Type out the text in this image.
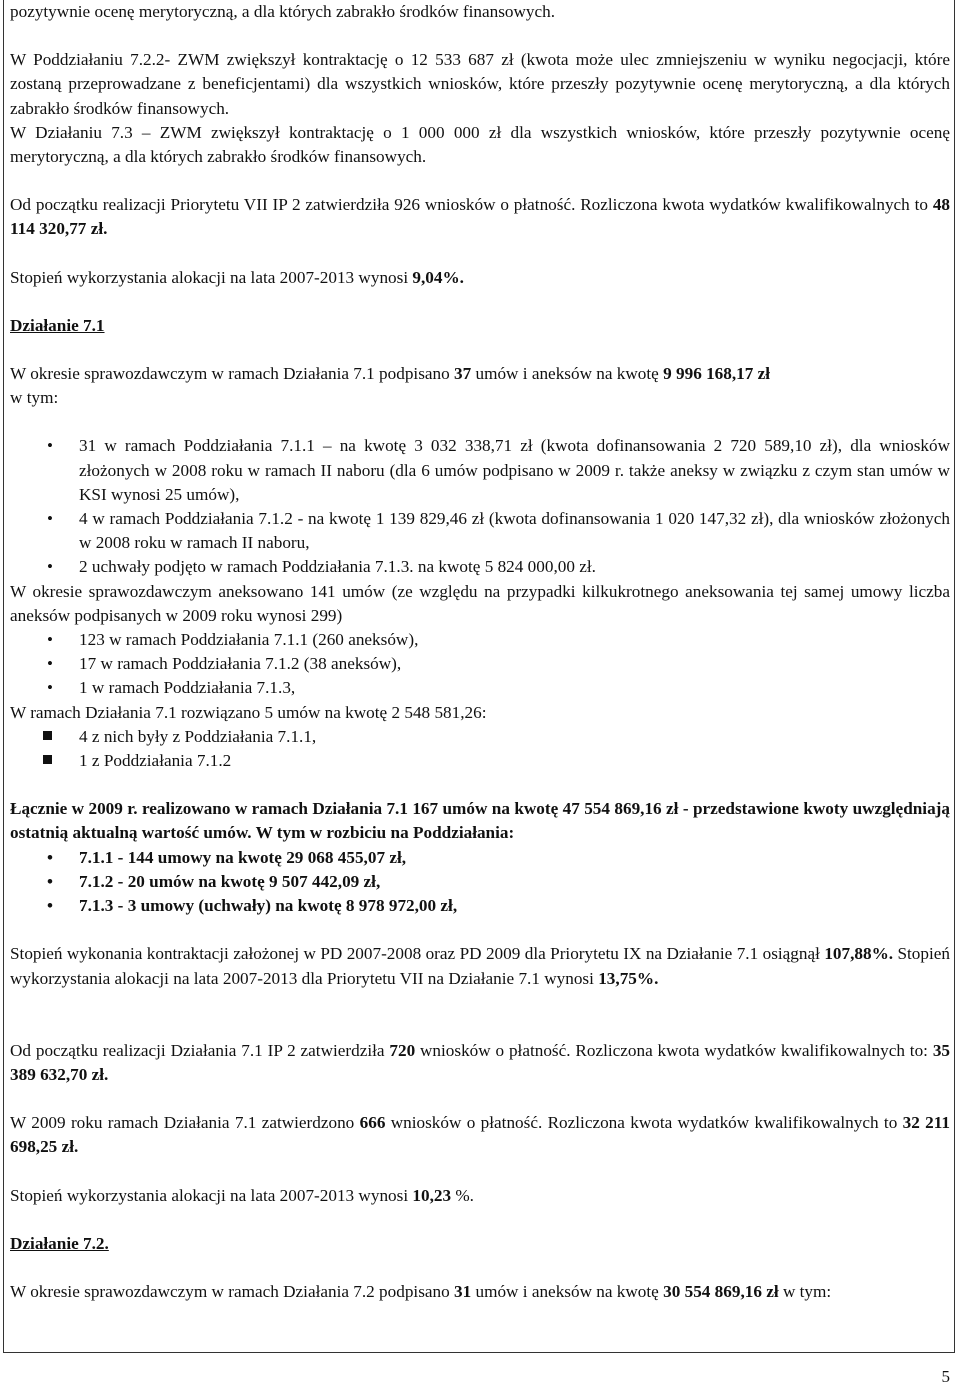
pozytywnie ocenę merytoryczną, a dla których zabrakło środków finansowych.

W Poddziałaniu 7.2.2- ZWM zwiększył kontraktację o 12 533 687 zł (kwota może ulec zmniejszeniu w wyniku negocjacji, które zostaną przeprowadzane z beneficjentami) dla wszystkich wniosków, które przeszły pozytywnie ocenę merytoryczną, a dla których zabrakło środków finansowych.

W Działaniu 7.3 – ZWM zwiększył kontraktację o 1 000 000 zł dla wszystkich wniosków, które przeszły pozytywnie ocenę merytoryczną, a dla których zabrakło środków finansowych.

Od początku realizacji Priorytetu VII IP 2 zatwierdziła 926 wniosków o płatność. Rozliczona kwota wydatków kwalifikowalnych to 48 114 320,77 zł.

Stopień wykorzystania alokacji na lata 2007-2013 wynosi 9,04%.

Działanie 7.1

W okresie sprawozdawczym w ramach Działania 7.1 podpisano 37 umów i aneksów na kwotę 9 996 168,17 zł
w tym:

•	31 w ramach Poddziałania 7.1.1 – na kwotę 3 032 338,71 zł (kwota dofinansowania 2 720 589,10 zł), dla wniosków złożonych w 2008 roku w ramach II naboru (dla 6 umów podpisano w 2009 r. także aneksy w związku z czym stan umów w KSI wynosi 25 umów),
•	4 w ramach Poddziałania 7.1.2 - na kwotę 1 139 829,46 zł (kwota dofinansowania 1 020 147,32 zł), dla wniosków złożonych w 2008 roku w ramach II naboru,
•	2 uchwały podjęto w ramach Poddziałania 7.1.3. na kwotę 5 824 000,00 zł.

W okresie sprawozdawczym aneksowano 141 umów (ze względu na przypadki kilkukrotnego aneksowania tej samej umowy liczba aneksów podpisanych w 2009 roku wynosi 299)

•	123 w ramach Poddziałania 7.1.1 (260 aneksów),
•	17 w ramach Poddziałania 7.1.2 (38 aneksów),
•	1 w ramach Poddziałania 7.1.3,

W ramach Działania 7.1 rozwiązano 5 umów na kwotę 2 548 581,26:

4 z nich były z Poddziałania 7.1.1,
1 z Poddziałania 7.1.2

Łącznie w 2009 r. realizowano w ramach Działania 7.1 167 umów na kwotę 47 554 869,16 zł - przedstawione kwoty uwzględniają ostatnią aktualną wartość umów. W tym w rozbiciu na Poddziałania:

•	7.1.1 - 144 umowy na kwotę 29 068 455,07 zł,
•	7.1.2 - 20 umów na kwotę 9 507 442,09 zł,
•	7.1.3 - 3 umowy (uchwały) na kwotę 8 978 972,00 zł,

Stopień wykonania kontraktacji założonej w PD 2007-2008 oraz PD 2009 dla Priorytetu IX na Działanie 7.1 osiągnął 107,88%. Stopień wykorzystania alokacji na lata 2007-2013 dla Priorytetu VII na Działanie 7.1 wynosi 13,75%.

Od początku realizacji Działania 7.1 IP 2 zatwierdziła 720 wniosków o płatność. Rozliczona kwota wydatków kwalifikowalnych to: 35 389 632,70 zł.

W 2009 roku ramach Działania 7.1 zatwierdzono 666 wniosków o płatność. Rozliczona kwota wydatków kwalifikowalnych to 32 211 698,25 zł.

Stopień wykorzystania alokacji na lata 2007-2013 wynosi 10,23 %.

Działanie 7.2.

W okresie sprawozdawczym w ramach Działania 7.2 podpisano 31 umów i aneksów na kwotę 30 554 869,16 zł w tym:

5
